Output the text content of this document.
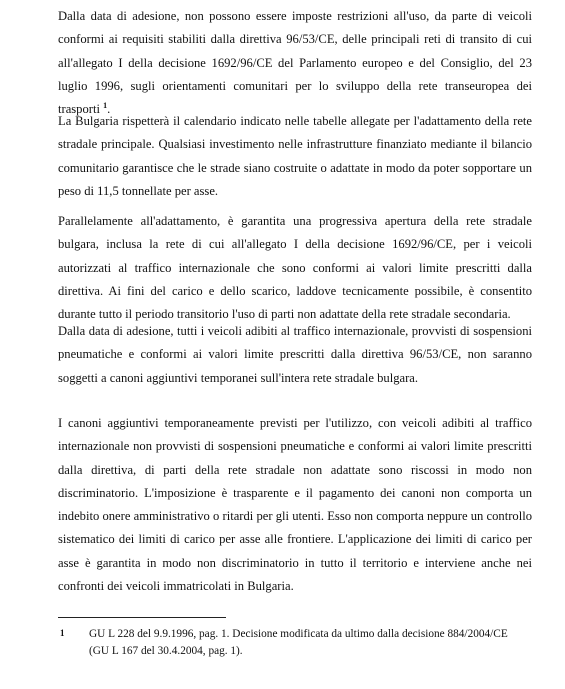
Dalla data di adesione, non possono essere imposte restrizioni all'uso, da parte di veicoli conformi ai requisiti stabiliti dalla direttiva 96/53/CE, delle principali reti di transito di cui all'allegato I della decisione 1692/96/CE del Parlamento europeo e del Consiglio, del 23 luglio 1996, sugli orientamenti comunitari per lo sviluppo della rete transeuropea dei trasporti $^1$.

La Bulgaria rispetterà il calendario indicato nelle tabelle allegate per l'adattamento della rete stradale principale. Qualsiasi investimento nelle infrastrutture finanziato mediante il bilancio comunitario garantisce che le strade siano costruite o adattate in modo da poter sopportare un peso di 11,5 tonnellate per asse.

Parallelamente all'adattamento, è garantita una progressiva apertura della rete stradale bulgara, inclusa la rete di cui all'allegato I della decisione 1692/96/CE, per i veicoli autorizzati al traffico internazionale che sono conformi ai valori limite prescritti dalla direttiva. Ai fini del carico e dello scarico, laddove tecnicamente possibile, è consentito durante tutto il periodo transitorio l'uso di parti non adattate della rete stradale secondaria.

Dalla data di adesione, tutti i veicoli adibiti al traffico internazionale, provvisti di sospensioni pneumatiche e conformi ai valori limite prescritti dalla direttiva 96/53/CE, non saranno soggetti a canoni aggiuntivi temporanei sull'intera rete stradale bulgara.

I canoni aggiuntivi temporaneamente previsti per l'utilizzo, con veicoli adibiti al traffico internazionale non provvisti di sospensioni pneumatiche e conformi ai valori limite prescritti dalla direttiva, di parti della rete stradale non adattate sono riscossi in modo non discriminatorio. L'imposizione è trasparente e il pagamento dei canoni non comporta un indebito onere amministrativo o ritardi per gli utenti. Esso non comporta neppure un controllo sistematico dei limiti di carico per asse alle frontiere. L'applicazione dei limiti di carico per asse è garantita in modo non discriminatorio in tutto il territorio e interviene anche nei confronti dei veicoli immatricolati in Bulgaria.

1 GU L 228 del 9.9.1996, pag. 1. Decisione modificata da ultimo dalla decisione 884/2004/CE (GU L 167 del 30.4.2004, pag. 1).
